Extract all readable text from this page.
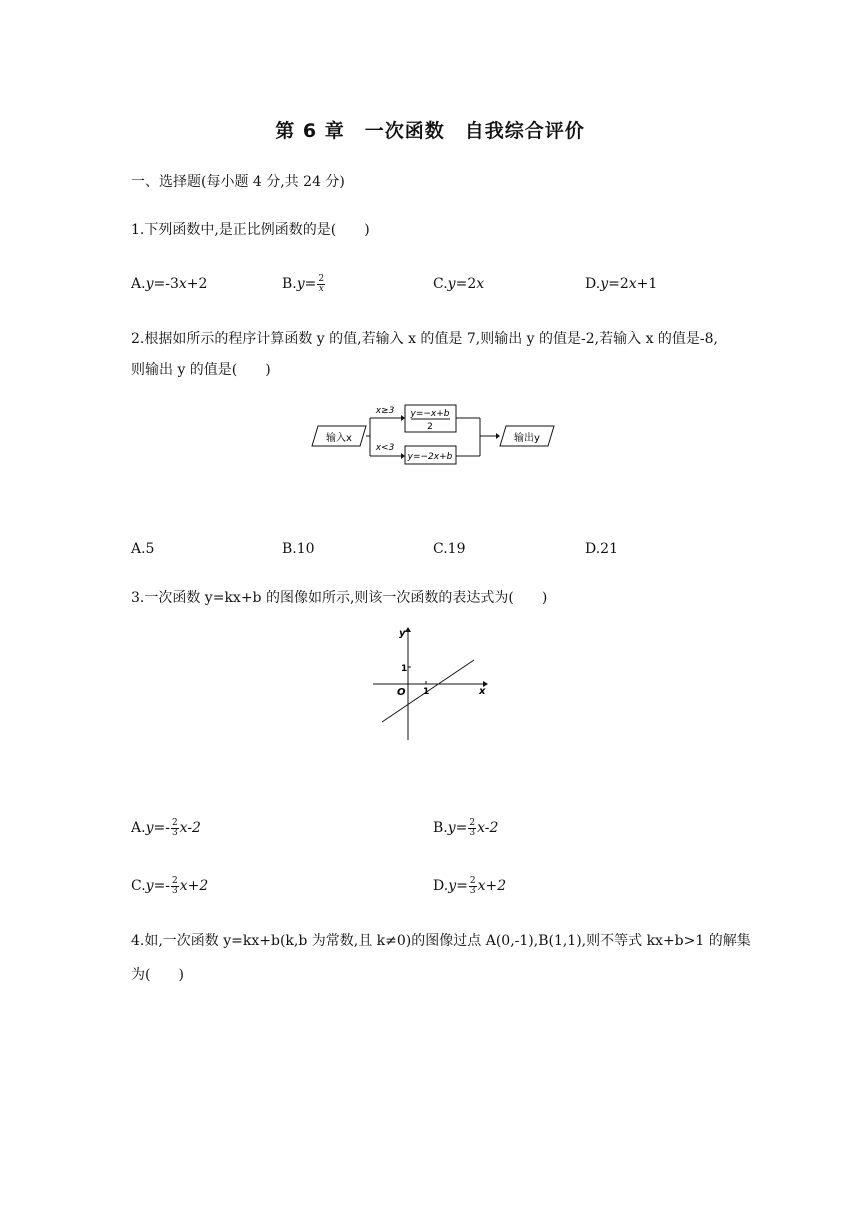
第 6 章　一次函数　自我综合评价
一、选择题(每小题 4 分,共 24 分)
1.下列函数中,是正比例函数的是(　　)
A.y=-3x+2	$B.y= \frac{2}{x}$	C.y=2x	D.y=2x+1
2.根据如所示的程序计算函数 y 的值,若输入 x 的值是 7,则输出 y 的值是-2,若输入 x 的值是-8,
则输出 y 的值是(　　)
输入x	输出y
x≥3
x<3
y=−x+b
2
y=−2x+b
A.5	B.10	C.19	D.21
3.一次函数 y=kx+b 的图像如所示,则该一次函数的表达式为(　　)
y
x
O 1
1
$A.y=- \frac{2}{3} x-2$	$B.y= \frac{2}{3} x-2$
$C.y=- \frac{2}{3} x+2$	$D.y= \frac{2}{3} x+2$
4.如,一次函数 y=kx+b(k,b 为常数,且 k≠0)的图像过点 A(0,-1),B(1,1),则不等式 kx+b>1 的解集
为(　　)
